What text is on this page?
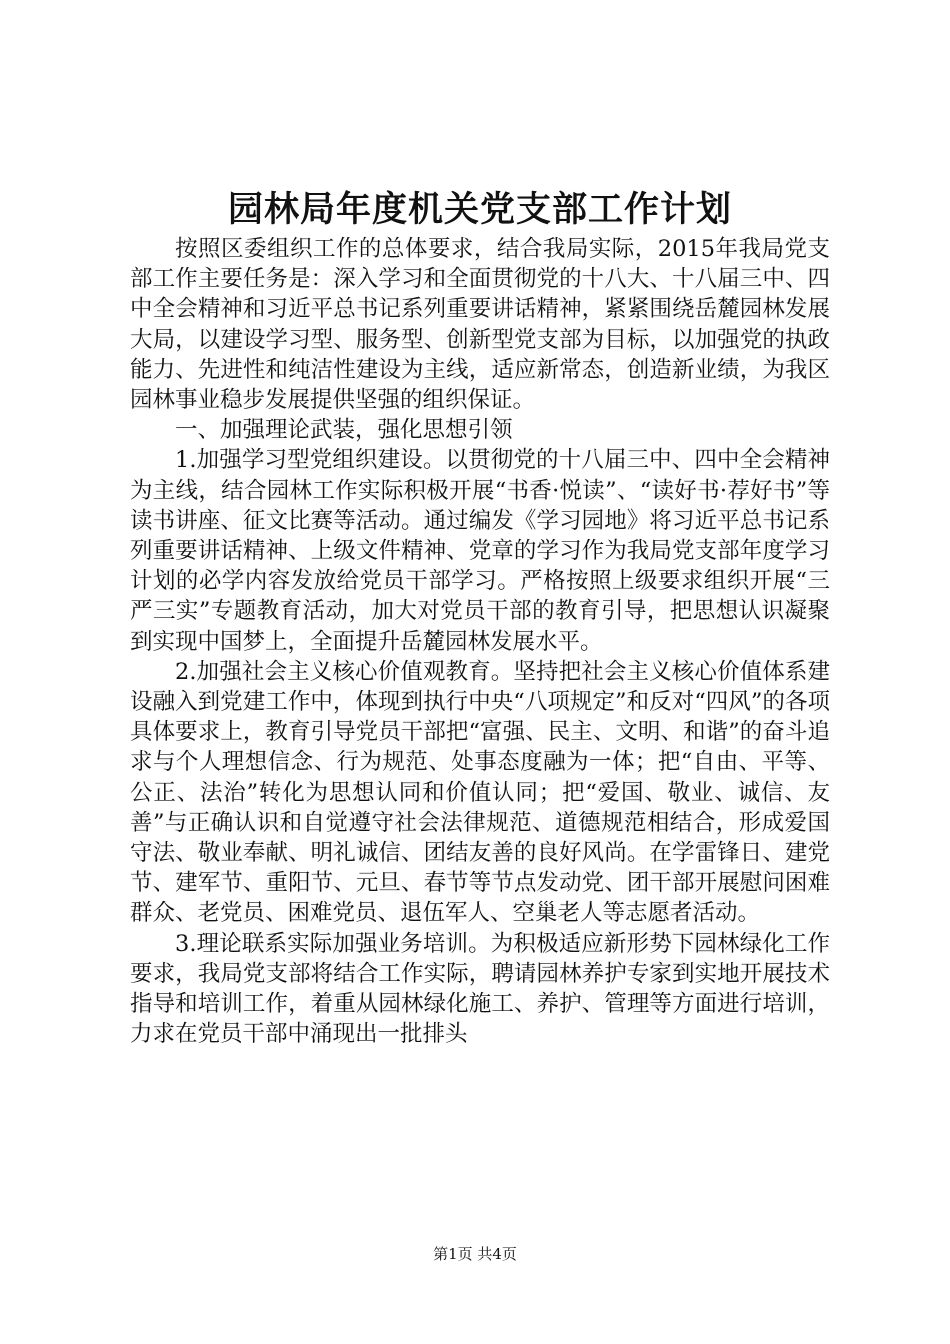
园林局年度机关党支部工作计划

按照区委组织工作的总体要求，结合我局实际，2015年我局党支部工作主要任务是：深入学习和全面贯彻党的十八大、十八届三中、四中全会精神和习近平总书记系列重要讲话精神，紧紧围绕岳麓园林发展大局，以建设学习型、服务型、创新型党支部为目标，以加强党的执政能力、先进性和纯洁性建设为主线，适应新常态，创造新业绩，为我区园林事业稳步发展提供坚强的组织保证。

一、加强理论武装，强化思想引领

1.加强学习型党组织建设。以贯彻党的十八届三中、四中全会精神为主线，结合园林工作实际积极开展“书香·悦读”、“读好书·荐好书”等读书讲座、征文比赛等活动。通过编发《学习园地》将习近平总书记系列重要讲话精神、上级文件精神、党章的学习作为我局党支部年度学习计划的必学内容发放给党员干部学习。严格按照上级要求组织开展“三严三实”专题教育活动，加大对党员干部的教育引导，把思想认识凝聚到实现中国梦上，全面提升岳麓园林发展水平。

2.加强社会主义核心价值观教育。坚持把社会主义核心价值体系建设融入到党建工作中，体现到执行中央“八项规定”和反对“四风”的各项具体要求上，教育引导党员干部把“富强、民主、文明、和谐”的奋斗追求与个人理想信念、行为规范、处事态度融为一体；把“自由、平等、公正、法治”转化为思想认同和价值认同；把“爱国、敬业、诚信、友善”与正确认识和自觉遵守社会法律规范、道德规范相结合，形成爱国守法、敬业奉献、明礼诚信、团结友善的良好风尚。在学雷锋日、建党节、建军节、重阳节、元旦、春节等节点发动党、团干部开展慰问困难群众、老党员、困难党员、退伍军人、空巢老人等志愿者活动。

3.理论联系实际加强业务培训。为积极适应新形势下园林绿化工作要求，我局党支部将结合工作实际，聘请园林养护专家到实地开展技术指导和培训工作，着重从园林绿化施工、养护、管理等方面进行培训，力求在党员干部中涌现出一批排头

第1页 共4页
